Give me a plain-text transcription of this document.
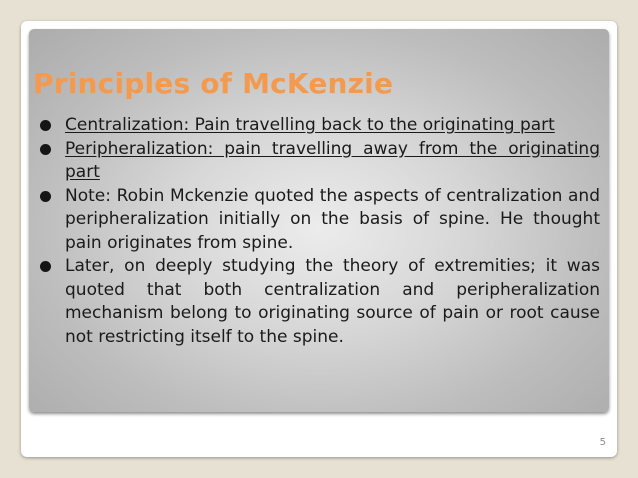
Principles of McKenzie
Centralization: Pain travelling back to the originating part
Peripheralization: pain travelling away from the originating part
Note: Robin Mckenzie quoted the aspects of centralization and peripheralization initially on the basis of spine. He thought pain originates from spine.
Later, on deeply studying the theory of extremities; it was quoted that both centralization and peripheralization mechanism belong to originating source of pain or root cause not restricting itself to the spine.
5
